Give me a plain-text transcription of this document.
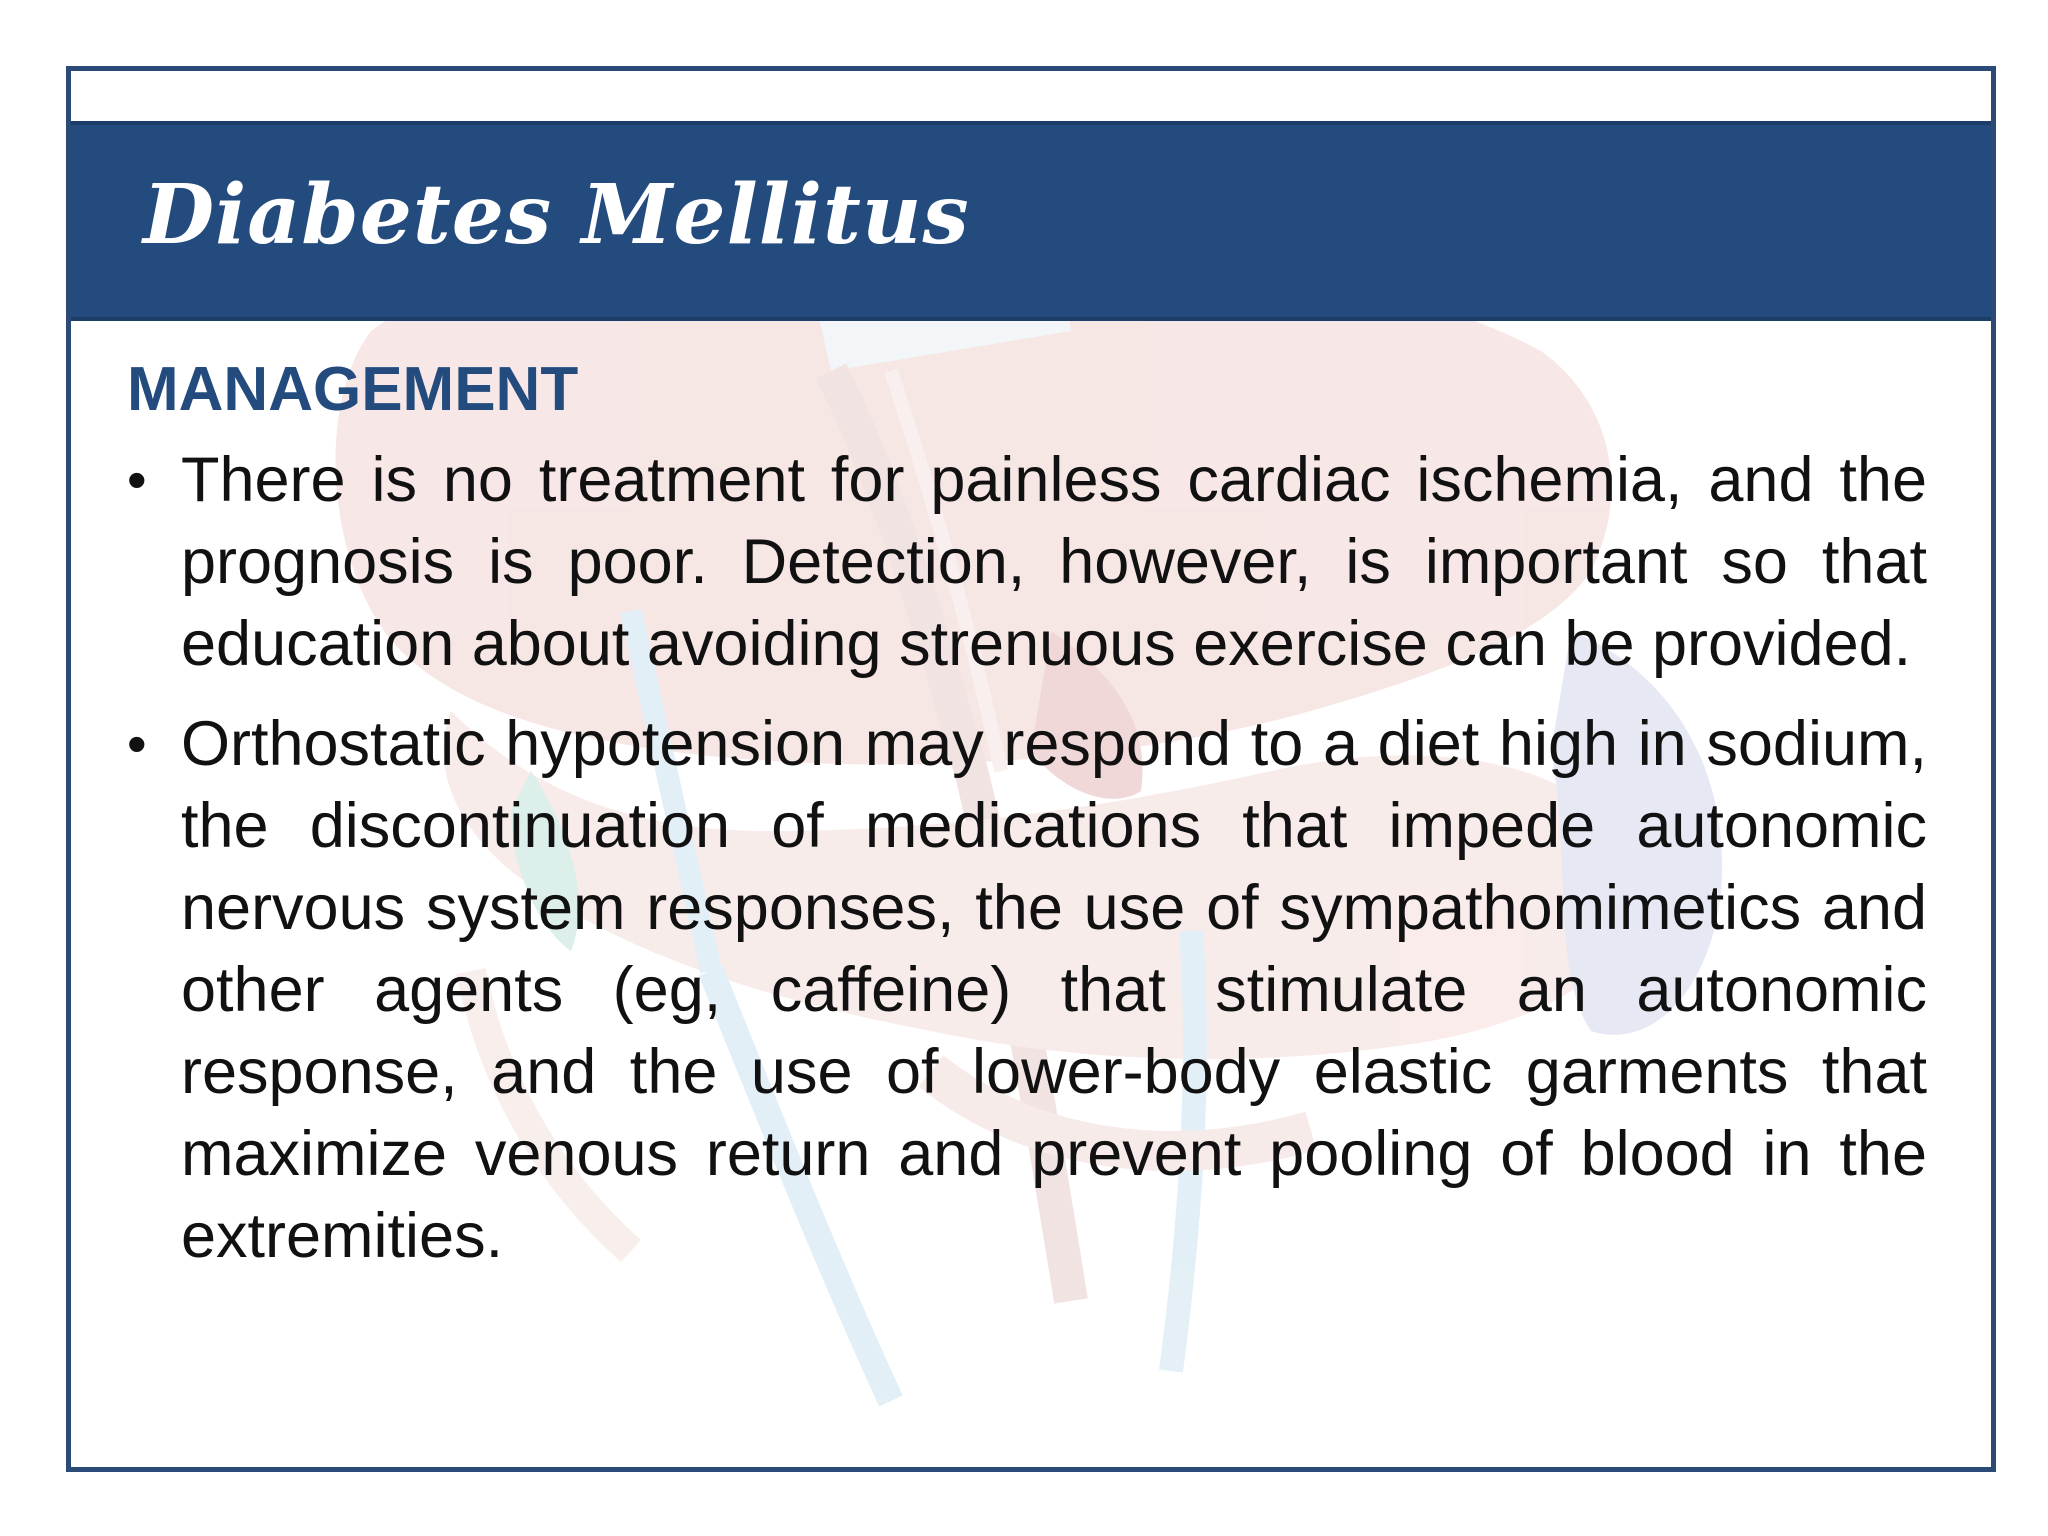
Diabetes Mellitus
MANAGEMENT
• There is no treatment for painless cardiac ischemia, and the prognosis is poor. Detection, however, is important so that education about avoiding strenuous exercise can be provided.
• Orthostatic hypotension may respond to a diet high in sodium, the discontinuation of medications that impede autonomic nervous system responses, the use of sympathomimetics and other agents (eg, caffeine) that stimulate an autonomic response, and the use of lower-body elastic garments that maximize venous return and prevent pooling of blood in the extremities.
